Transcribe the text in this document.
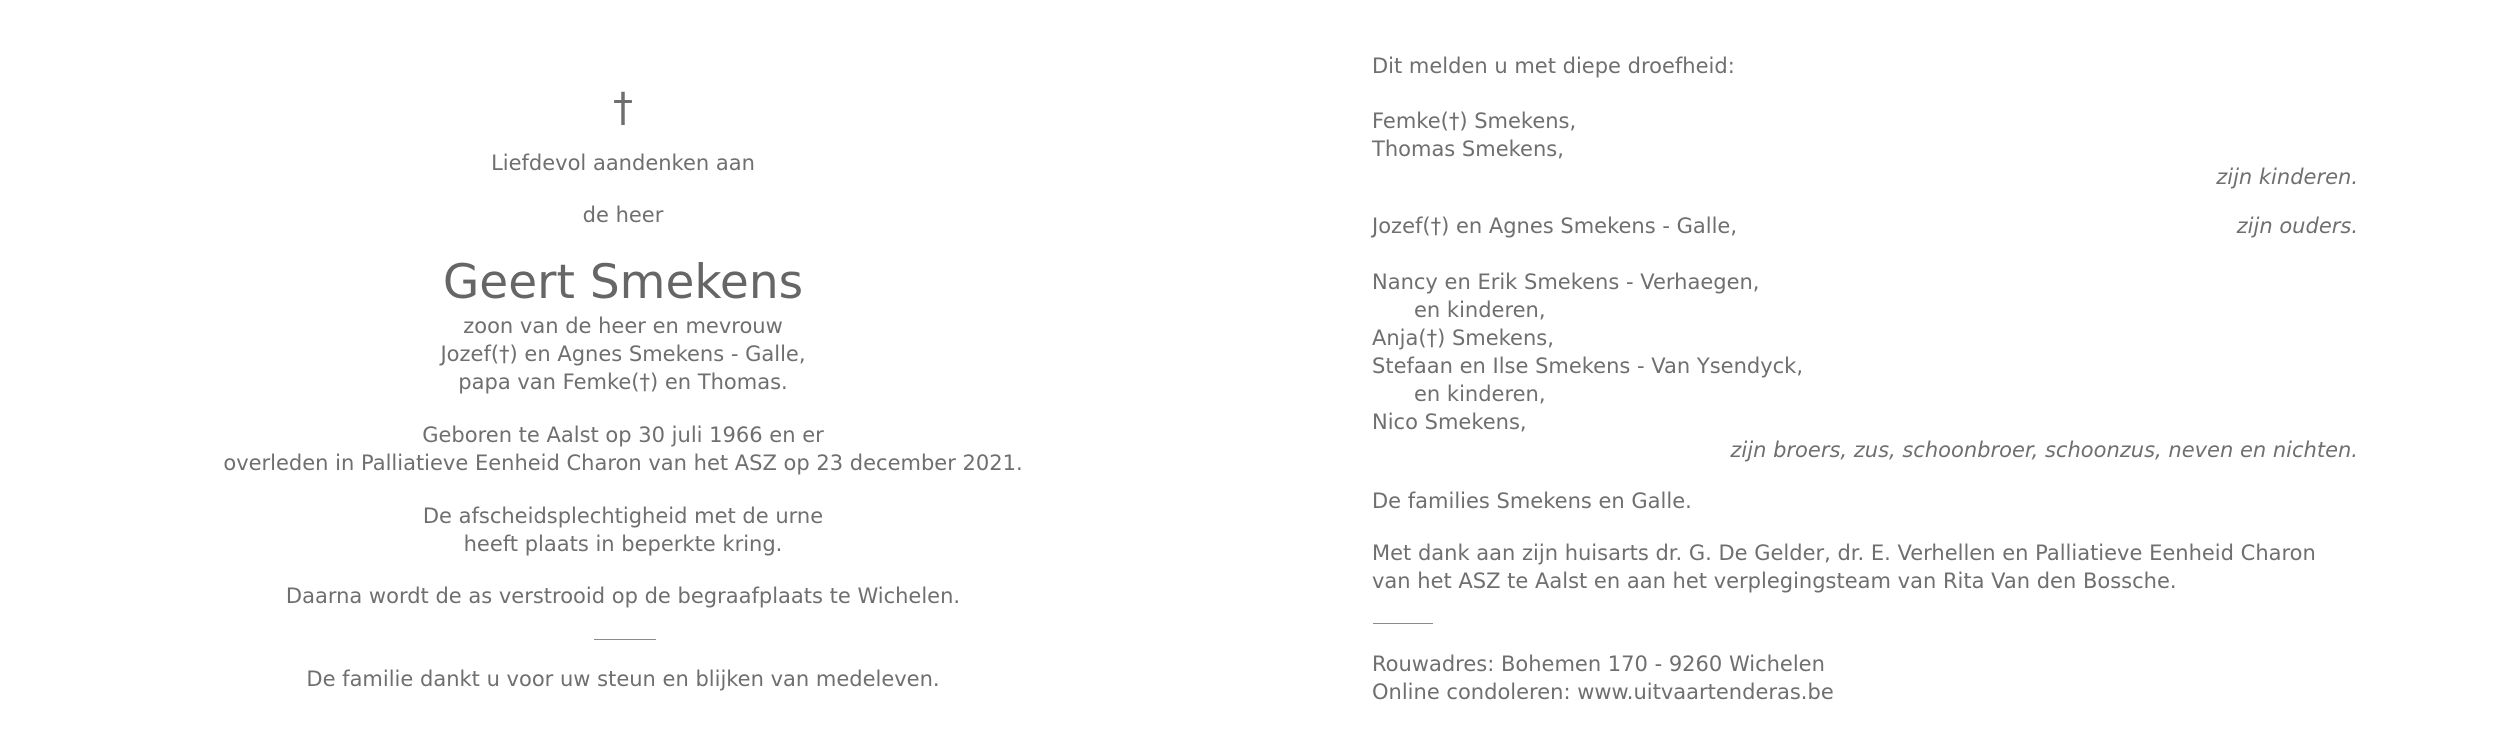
†
Liefdevol aandenken aan
de heer
Geert Smekens
zoon van de heer en mevrouw
Jozef(†) en Agnes Smekens - Galle,
papa van Femke(†) en Thomas.
Geboren te Aalst op 30 juli 1966 en er
overleden in Palliatieve Eenheid Charon van het ASZ op 23 december 2021.
De afscheidsplechtigheid met de urne
heeft plaats in beperkte kring.
Daarna wordt de as verstrooid op de begraafplaats te Wichelen.
De familie dankt u voor uw steun en blijken van medeleven.
Dit melden u met diepe droefheid:
Femke(†) Smekens,
Thomas Smekens,
zijn kinderen.
Jozef(†) en Agnes Smekens - Galle,	zijn ouders.
Nancy en Erik Smekens - Verhaegen,
en kinderen,
Anja(†) Smekens,
Stefaan en Ilse Smekens - Van Ysendyck,
en kinderen,
Nico Smekens,
zijn broers, zus, schoonbroer, schoonzus, neven en nichten.
De families Smekens en Galle.
Met dank aan zijn huisarts dr. G. De Gelder, dr. E. Verhellen en Palliatieve Eenheid Charon
van het ASZ te Aalst en aan het verplegingsteam van Rita Van den Bossche.
Rouwadres: Bohemen 170 - 9260 Wichelen
Online condoleren: www.uitvaartenderas.be
